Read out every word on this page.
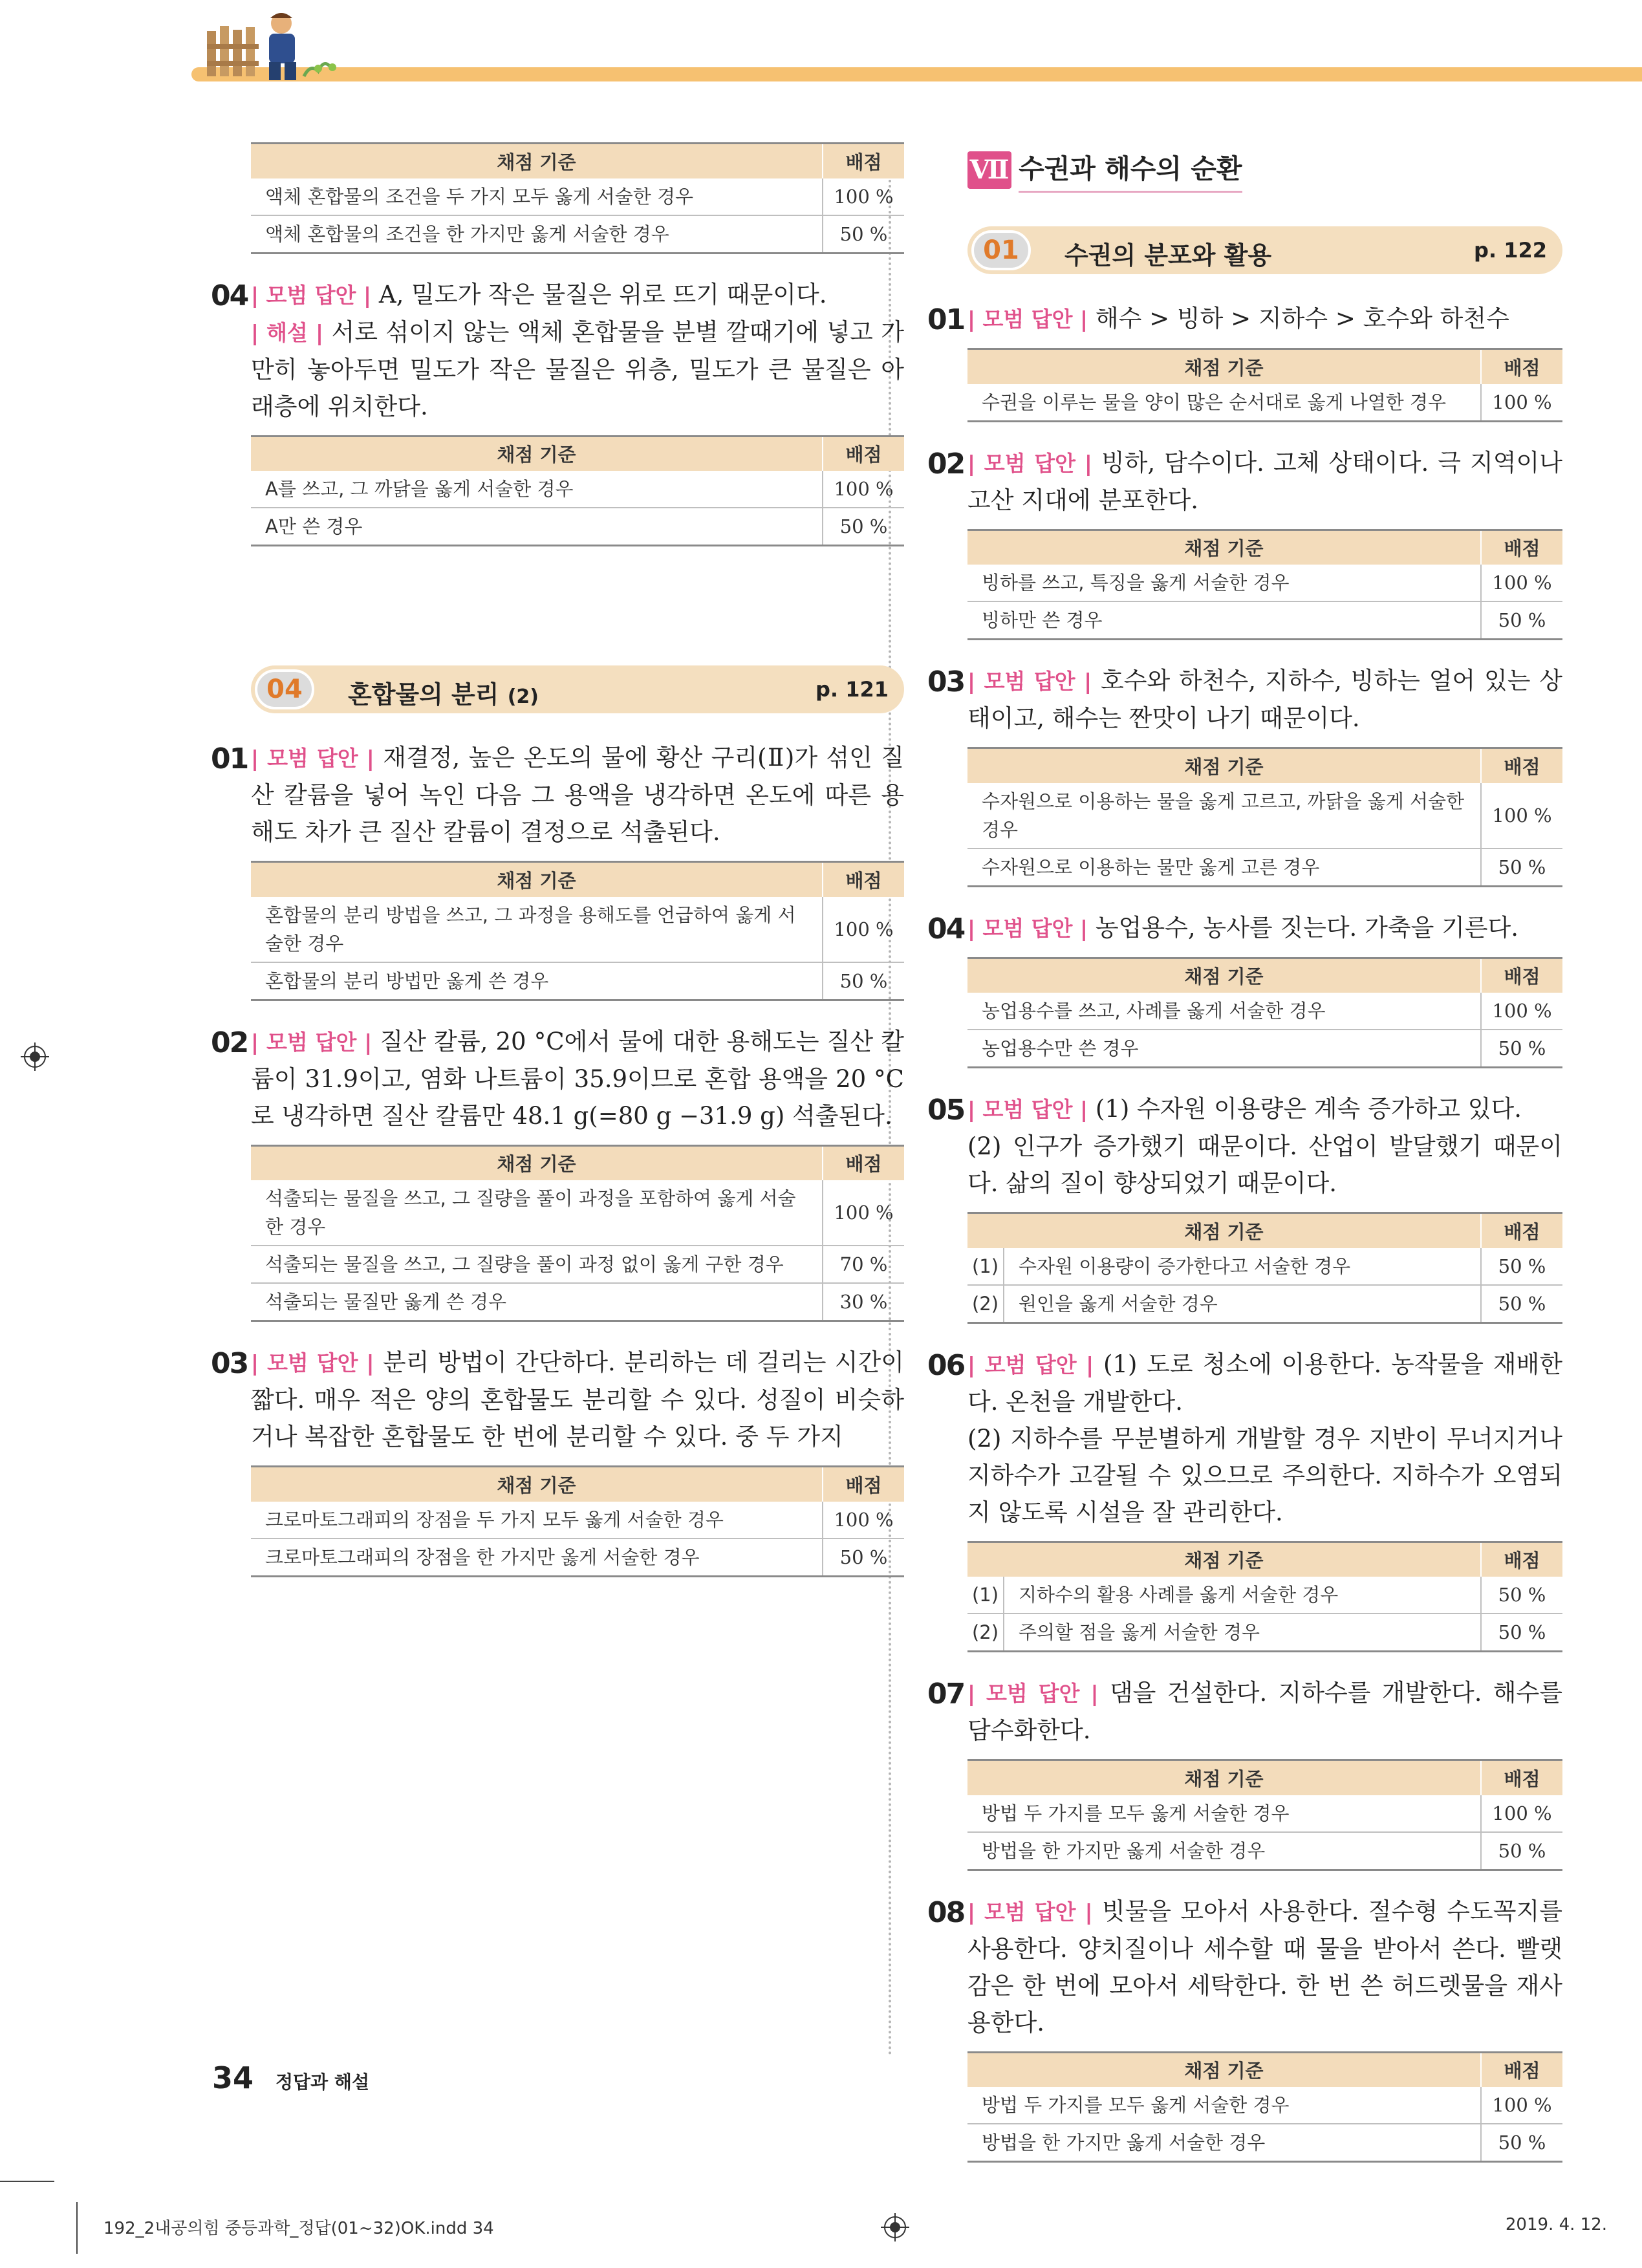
채점 기준	배점
액체 혼합물의 조건을 두 가지 모두 옳게 서술한 경우	100 %
액체 혼합물의 조건을 한 가지만 옳게 서술한 경우	50 %
04 | 모범 답안 | A, 밀도가 작은 물질은 위로 뜨기 때문이다.

| 해설 | 서로 섞이지 않는 액체 혼합물을 분별 깔때기에 넣고 가만히 놓아두면 밀도가 작은 물질은 위층, 밀도가 큰 물질은 아래층에 위치한다.

채점 기준	배점
A를 쓰고, 그 까닭을 옳게 서술한 경우	100 %
A만 쓴 경우	50 %
04	혼합물의 분리 (2)	p. 121
01 | 모범 답안 | 재결정, 높은 온도의 물에 황산 구리(Ⅱ)가 섞인 질산 칼륨을 넣어 녹인 다음 그 용액을 냉각하면 온도에 따른 용해도 차가 큰 질산 칼륨이 결정으로 석출된다.

채점 기준	배점
혼합물의 분리 방법을 쓰고, 그 과정을 용해도를 언급하여 옳게 서술한 경우	100 %
혼합물의 분리 방법만 옳게 쓴 경우	50 %
02 | 모범 답안 | 질산 칼륨, 20 °C에서 물에 대한 용해도는 질산 칼륨이 31.9이고, 염화 나트륨이 35.9이므로 혼합 용액을 20 °C로 냉각하면 질산 칼륨만 48.1 g(=80 g −31.9 g) 석출된다.

채점 기준	배점
석출되는 물질을 쓰고, 그 질량을 풀이 과정을 포함하여 옳게 서술한 경우	100 %
석출되는 물질을 쓰고, 그 질량을 풀이 과정 없이 옳게 구한 경우	70 %
석출되는 물질만 옳게 쓴 경우	30 %
03 | 모범 답안 | 분리 방법이 간단하다. 분리하는 데 걸리는 시간이 짧다. 매우 적은 양의 혼합물도 분리할 수 있다. 성질이 비슷하거나 복잡한 혼합물도 한 번에 분리할 수 있다. 중 두 가지

채점 기준	배점
크로마토그래피의 장점을 두 가지 모두 옳게 서술한 경우	100 %
크로마토그래피의 장점을 한 가지만 옳게 서술한 경우	50 %
Ⅶ 수권과 해수의 순환
01	수권의 분포와 활용	p. 122
01 | 모범 답안 | 해수 > 빙하 > 지하수 > 호수와 하천수

채점 기준	배점
수권을 이루는 물을 양이 많은 순서대로 옳게 나열한 경우	100 %
02 | 모범 답안 | 빙하, 담수이다. 고체 상태이다. 극 지역이나 고산 지대에 분포한다.

채점 기준	배점
빙하를 쓰고, 특징을 옳게 서술한 경우	100 %
빙하만 쓴 경우	50 %
03 | 모범 답안 | 호수와 하천수, 지하수, 빙하는 얼어 있는 상태이고, 해수는 짠맛이 나기 때문이다.

채점 기준	배점
수자원으로 이용하는 물을 옳게 고르고, 까닭을 옳게 서술한 경우	100 %
수자원으로 이용하는 물만 옳게 고른 경우	50 %
04 | 모범 답안 | 농업용수, 농사를 짓는다. 가축을 기른다.

채점 기준	배점
농업용수를 쓰고, 사례를 옳게 서술한 경우	100 %
농업용수만 쓴 경우	50 %
05 | 모범 답안 | (1) 수자원 이용량은 계속 증가하고 있다.

(2) 인구가 증가했기 때문이다. 산업이 발달했기 때문이다. 삶의 질이 향상되었기 때문이다.

채점 기준		배점
(1)	수자원 이용량이 증가한다고 서술한 경우	50 %
(2)	원인을 옳게 서술한 경우	50 %
06 | 모범 답안 | (1) 도로 청소에 이용한다. 농작물을 재배한다. 온천을 개발한다.

(2) 지하수를 무분별하게 개발할 경우 지반이 무너지거나 지하수가 고갈될 수 있으므로 주의한다. 지하수가 오염되지 않도록 시설을 잘 관리한다.

채점 기준		배점
(1)	지하수의 활용 사례를 옳게 서술한 경우	50 %
(2)	주의할 점을 옳게 서술한 경우	50 %
07 | 모범 답안 | 댐을 건설한다. 지하수를 개발한다. 해수를 담수화한다.

채점 기준	배점
방법 두 가지를 모두 옳게 서술한 경우	100 %
방법을 한 가지만 옳게 서술한 경우	50 %
08 | 모범 답안 | 빗물을 모아서 사용한다. 절수형 수도꼭지를 사용한다. 양치질이나 세수할 때 물을 받아서 쓴다. 빨랫감은 한 번에 모아서 세탁한다. 한 번 쓴 허드렛물을 재사용한다.

채점 기준	배점
방법 두 가지를 모두 옳게 서술한 경우	100 %
방법을 한 가지만 옳게 서술한 경우	50 %
34 정답과 해설
192_2내공의힘 중등과학_정답(01~32)OK.indd 34	2019. 4. 12.
